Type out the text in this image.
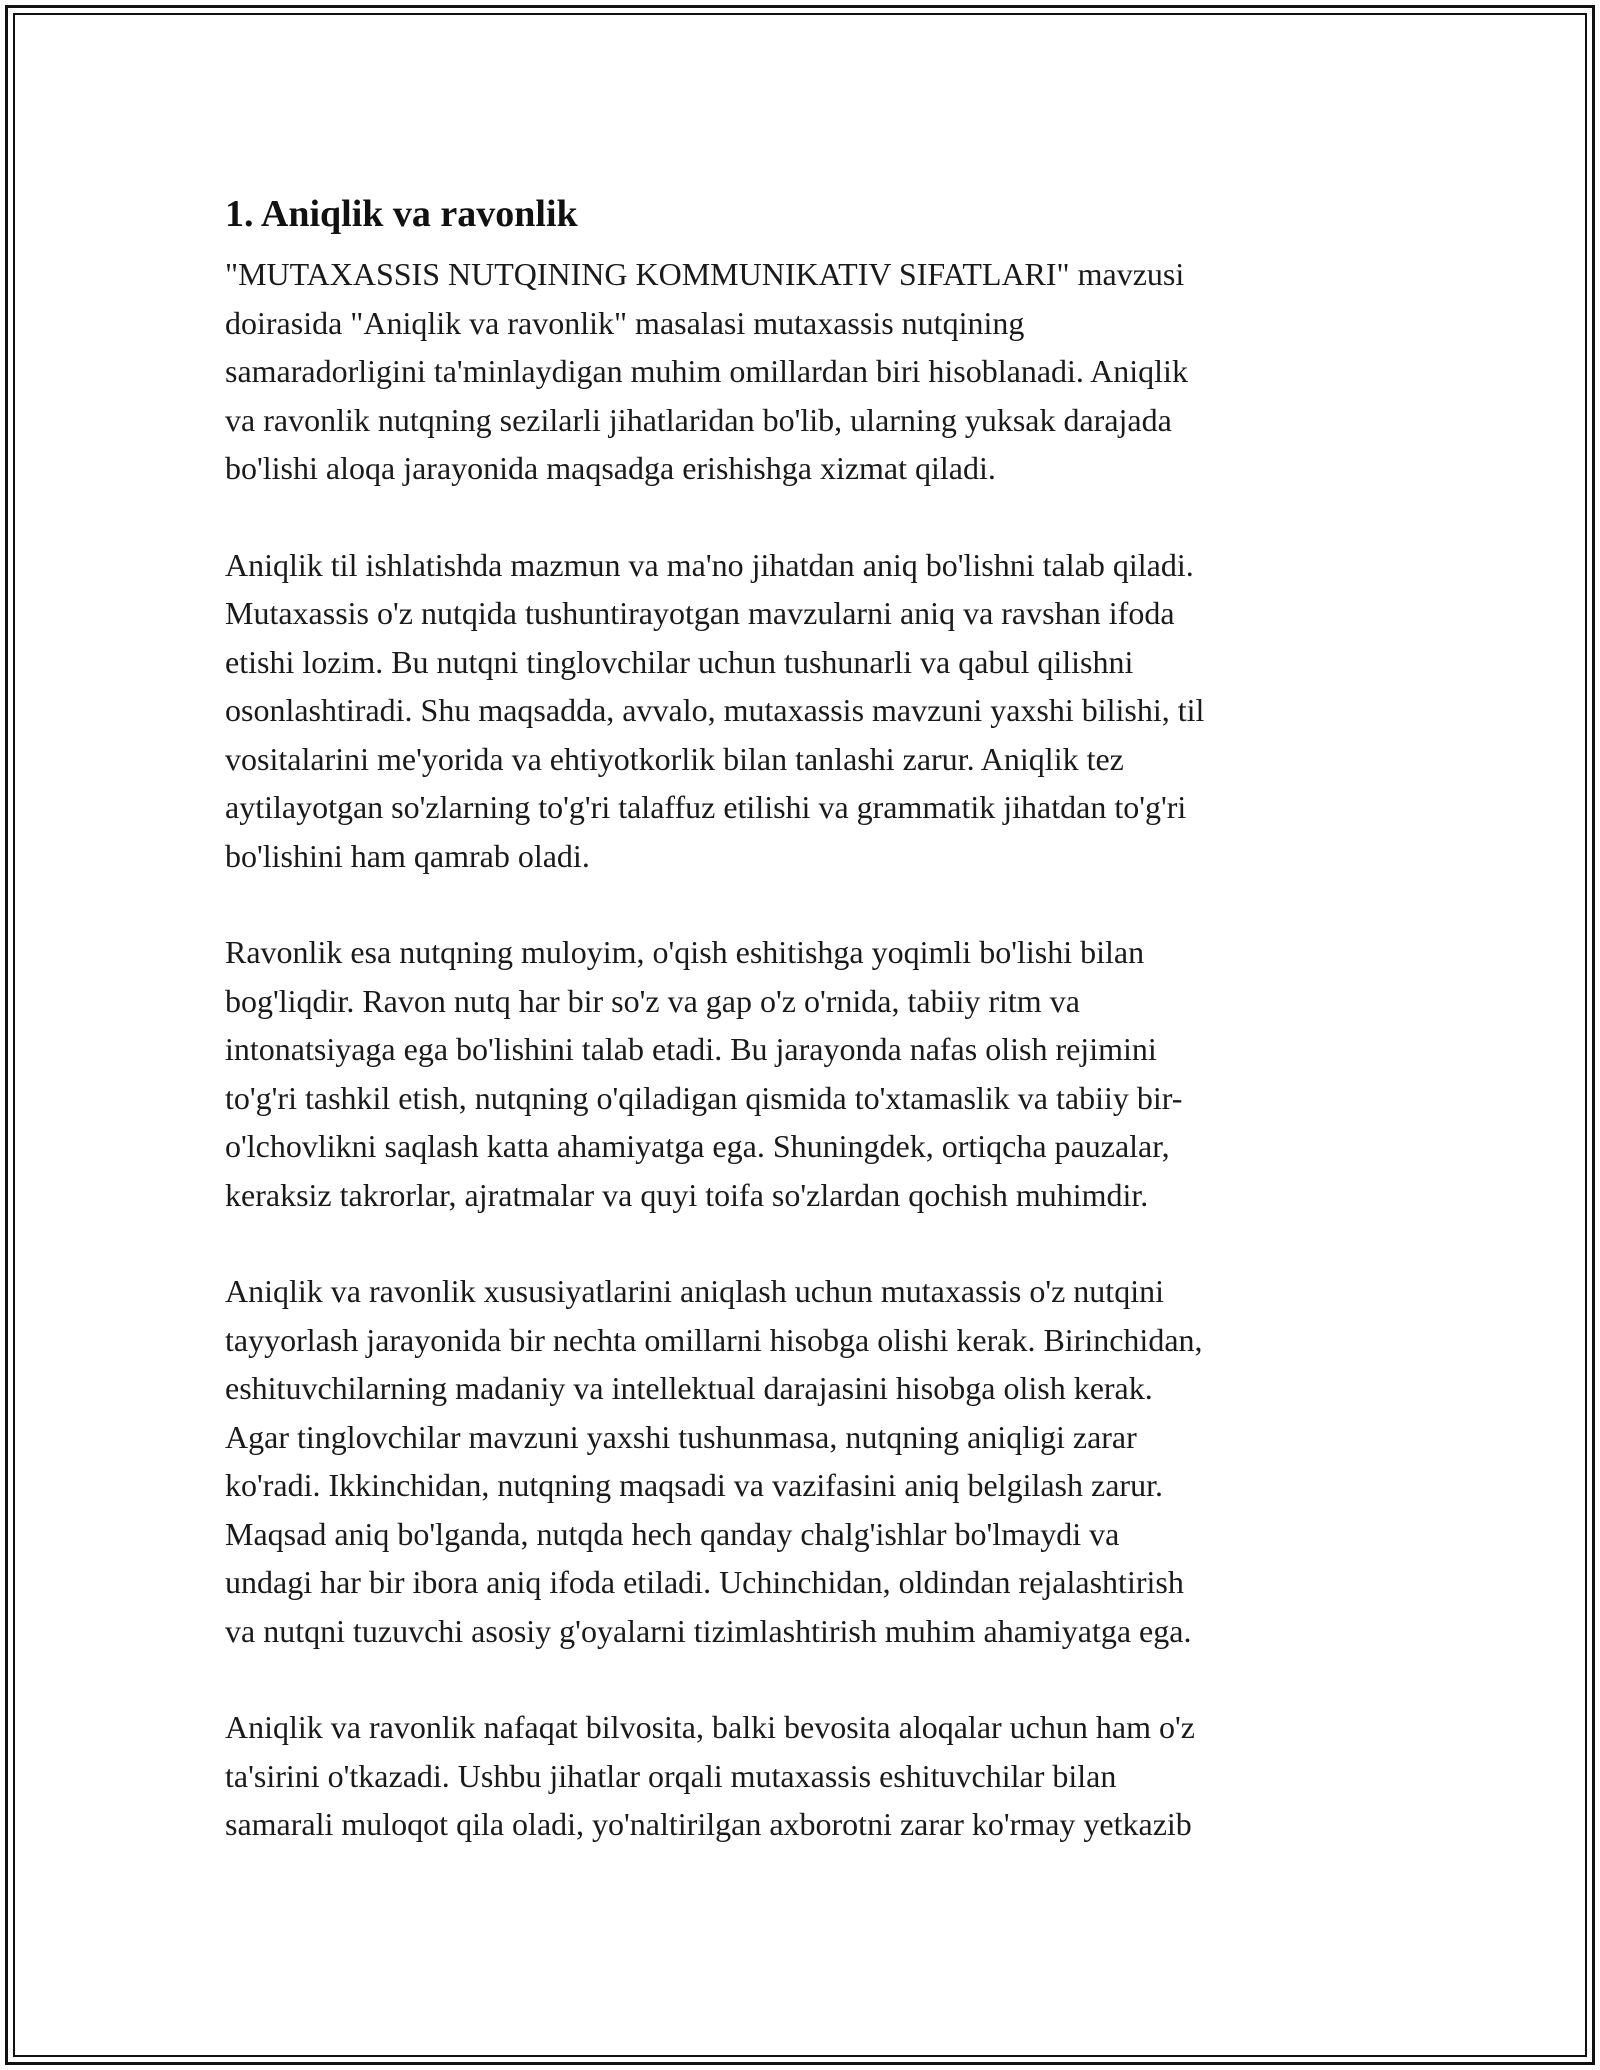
1. Aniqlik va ravonlik

"MUTAXASSIS NUTQINING KOMMUNIKATIV SIFATLARI" mavzusi
doirasida "Aniqlik va ravonlik" masalasi mutaxassis nutqining
samaradorligini ta'minlaydigan muhim omillardan biri hisoblanadi. Aniqlik
va ravonlik nutqning sezilarli jihatlaridan bo'lib, ularning yuksak darajada
bo'lishi aloqa jarayonida maqsadga erishishga xizmat qiladi.

Aniqlik til ishlatishda mazmun va ma'no jihatdan aniq bo'lishni talab qiladi.
Mutaxassis o'z nutqida tushuntirayotgan mavzularni aniq va ravshan ifoda
etishi lozim. Bu nutqni tinglovchilar uchun tushunarli va qabul qilishni
osonlashtiradi. Shu maqsadda, avvalo, mutaxassis mavzuni yaxshi bilishi, til
vositalarini me'yorida va ehtiyotkorlik bilan tanlashi zarur. Aniqlik tez
aytilayotgan so'zlarning to'g'ri talaffuz etilishi va grammatik jihatdan to'g'ri
bo'lishini ham qamrab oladi.

Ravonlik esa nutqning muloyim, o'qish eshitishga yoqimli bo'lishi bilan
bog'liqdir. Ravon nutq har bir so'z va gap o'z o'rnida, tabiiy ritm va
intonatsiyaga ega bo'lishini talab etadi. Bu jarayonda nafas olish rejimini
to'g'ri tashkil etish, nutqning o'qiladigan qismida to'xtamaslik va tabiiy bir-
o'lchovlikni saqlash katta ahamiyatga ega. Shuningdek, ortiqcha pauzalar,
keraksiz takrorlar, ajratmalar va quyi toifa so'zlardan qochish muhimdir.

Aniqlik va ravonlik xususiyatlarini aniqlash uchun mutaxassis o'z nutqini
tayyorlash jarayonida bir nechta omillarni hisobga olishi kerak. Birinchidan,
eshituvchilarning madaniy va intellektual darajasini hisobga olish kerak.
Agar tinglovchilar mavzuni yaxshi tushunmasa, nutqning aniqligi zarar
ko'radi. Ikkinchidan, nutqning maqsadi va vazifasini aniq belgilash zarur.
Maqsad aniq bo'lganda, nutqda hech qanday chalg'ishlar bo'lmaydi va
undagi har bir ibora aniq ifoda etiladi. Uchinchidan, oldindan rejalashtirish
va nutqni tuzuvchi asosiy g'oyalarni tizimlashtirish muhim ahamiyatga ega.

Aniqlik va ravonlik nafaqat bilvosita, balki bevosita aloqalar uchun ham o'z
ta'sirini o'tkazadi. Ushbu jihatlar orqali mutaxassis eshituvchilar bilan
samarali muloqot qila oladi, yo'naltirilgan axborotni zarar ko'rmay yetkazib
